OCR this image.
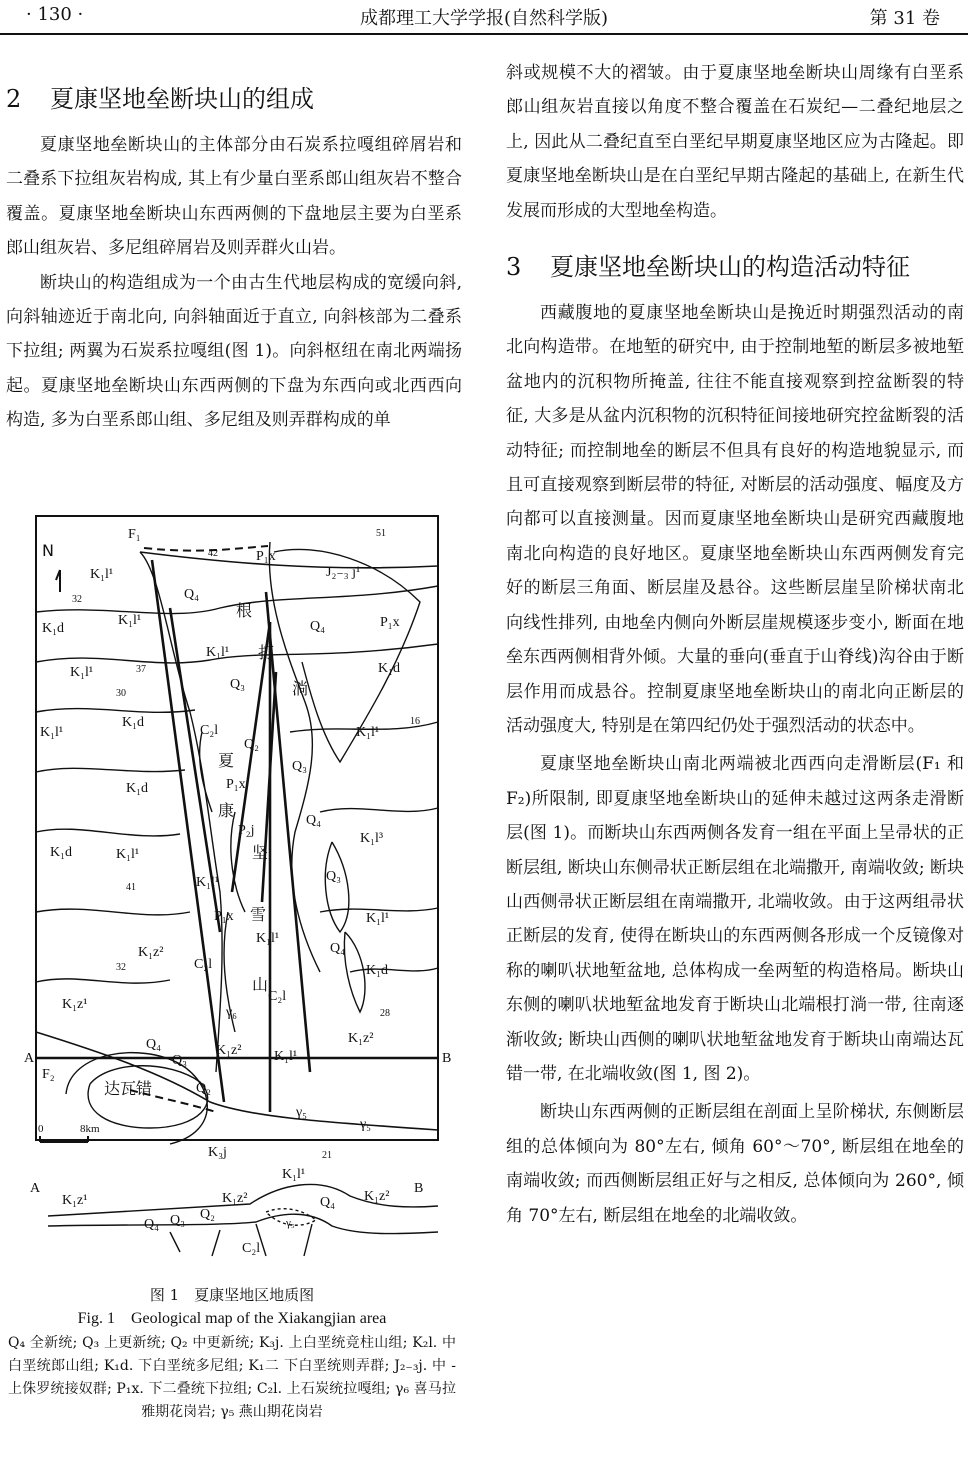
· 130 ·	成都理工大学学报(自然科学版)	第 31 卷
2 夏康坚地垒断块山的组成

夏康坚地垒断块山的主体部分由石炭系拉嘎组碎屑岩和二叠系下拉组灰岩构成, 其上有少量白垩系郎山组灰岩不整合覆盖。夏康坚地垒断块山东西两侧的下盘地层主要为白垩系郎山组灰岩、多尼组碎屑岩及则弄群火山岩。

断块山的构造组成为一个由古生代地层构成的宽缓向斜, 向斜轴迹近于南北向, 向斜轴面近于直立, 向斜核部为二叠系下拉组; 两翼为石炭系拉嘎组(图 1)。向斜枢纽在南北两端扬起。夏康坚地垒断块山东西两侧的下盘为东西向或北西西向构造, 多为白垩系郎山组、多尼组及则弄群构成的单

N
F₁
F₂
A	B
0	8km
根
打
淌
夏
康
坚
雪
山
达瓦错
K₁l¹
K₁l¹
K₁l¹
K₁l¹
K₁l¹
K₁l¹
K₁l¹
K₁l¹
K₁l¹
K₁l¹
K₁l¹
K₁l³
K₁d
K₁d
K₁d
K₁d
K₁d
K₁d
K₁z²
K₁z²
K₁z²
K₁z¹
K₃j
J₂₋₃ j¹
P₁x
P₁x
P₁x
P₁x
P₂j
C₂l
C₂l
C₂l
Q₄
Q₄
Q₄
Q₄
Q₄
Q₃
Q₃
Q₃
Q₃
Q₂
Q₂
γ₅
γ₅
γ₆
51
42
32
37
30
16
41
32
28
21
A	B
K₁z¹	K₁z²	K₁z²
K₁l¹
Q₄
Q₄
Q₃ Q₂
C₂l
γ₅
图 1　夏康坚地区地质图
Fig. 1　Geological map of the Xiakangjian area
Q₄ 全新统; Q₃ 上更新统; Q₂ 中更新统; K₃j. 上白垩统竞柱山组; K₂l. 中白垩统郎山组; K₁d. 下白垩统多尼组; K₁二 下白垩统则弄群; J₂₋₃j. 中 - 上侏罗统接奴群; P₁x. 下二叠统下拉组; C₂l. 上石炭统拉嘎组; γ₆ 喜马拉雅期花岗岩; γ₅ 燕山期花岗岩

斜或规模不大的褶皱。由于夏康坚地垒断块山周缘有白垩系郎山组灰岩直接以角度不整合覆盖在石炭纪—二叠纪地层之上, 因此从二叠纪直至白垩纪早期夏康坚地区应为古隆起。即夏康坚地垒断块山是在白垩纪早期古隆起的基础上, 在新生代发展而形成的大型地垒构造。

3 夏康坚地垒断块山的构造活动特征

西藏腹地的夏康坚地垒断块山是挽近时期强烈活动的南北向构造带。在地堑的研究中, 由于控制地堑的断层多被地堑盆地内的沉积物所掩盖, 往往不能直接观察到控盆断裂的特征, 大多是从盆内沉积物的沉积特征间接地研究控盆断裂的活动特征; 而控制地垒的断层不但具有良好的构造地貌显示, 而且可直接观察到断层带的特征, 对断层的活动强度、幅度及方向都可以直接测量。因而夏康坚地垒断块山是研究西藏腹地南北向构造的良好地区。夏康坚地垒断块山东西两侧发育完好的断层三角面、断层崖及悬谷。这些断层崖呈阶梯状南北向线性排列, 由地垒内侧向外断层崖规模逐步变小, 断面在地垒东西两侧相背外倾。大量的垂向(垂直于山脊线)沟谷由于断层作用而成悬谷。控制夏康坚地垒断块山的南北向正断层的活动强度大, 特别是在第四纪仍处于强烈活动的状态中。

夏康坚地垒断块山南北两端被北西西向走滑断层(F₁ 和 F₂)所限制, 即夏康坚地垒断块山的延伸未越过这两条走滑断层(图 1)。而断块山东西两侧各发育一组在平面上呈帚状的正断层组, 断块山东侧帚状正断层组在北端撒开, 南端收敛; 断块山西侧帚状正断层组在南端撒开, 北端收敛。由于这两组帚状正断层的发育, 使得在断块山的东西两侧各形成一个反镜像对称的喇叭状地堑盆地, 总体构成一垒两堑的构造格局。断块山东侧的喇叭状地堑盆地发育于断块山北端根打淌一带, 往南逐渐收敛; 断块山西侧的喇叭状地堑盆地发育于断块山南端达瓦错一带, 在北端收敛(图 1, 图 2)。

断块山东西两侧的正断层组在剖面上呈阶梯状, 东侧断层组的总体倾向为 80°左右, 倾角 60°～70°, 断层组在地垒的南端收敛; 而西侧断层组正好与之相反, 总体倾向为 260°, 倾角 70°左右, 断层组在地垒的北端收敛。
